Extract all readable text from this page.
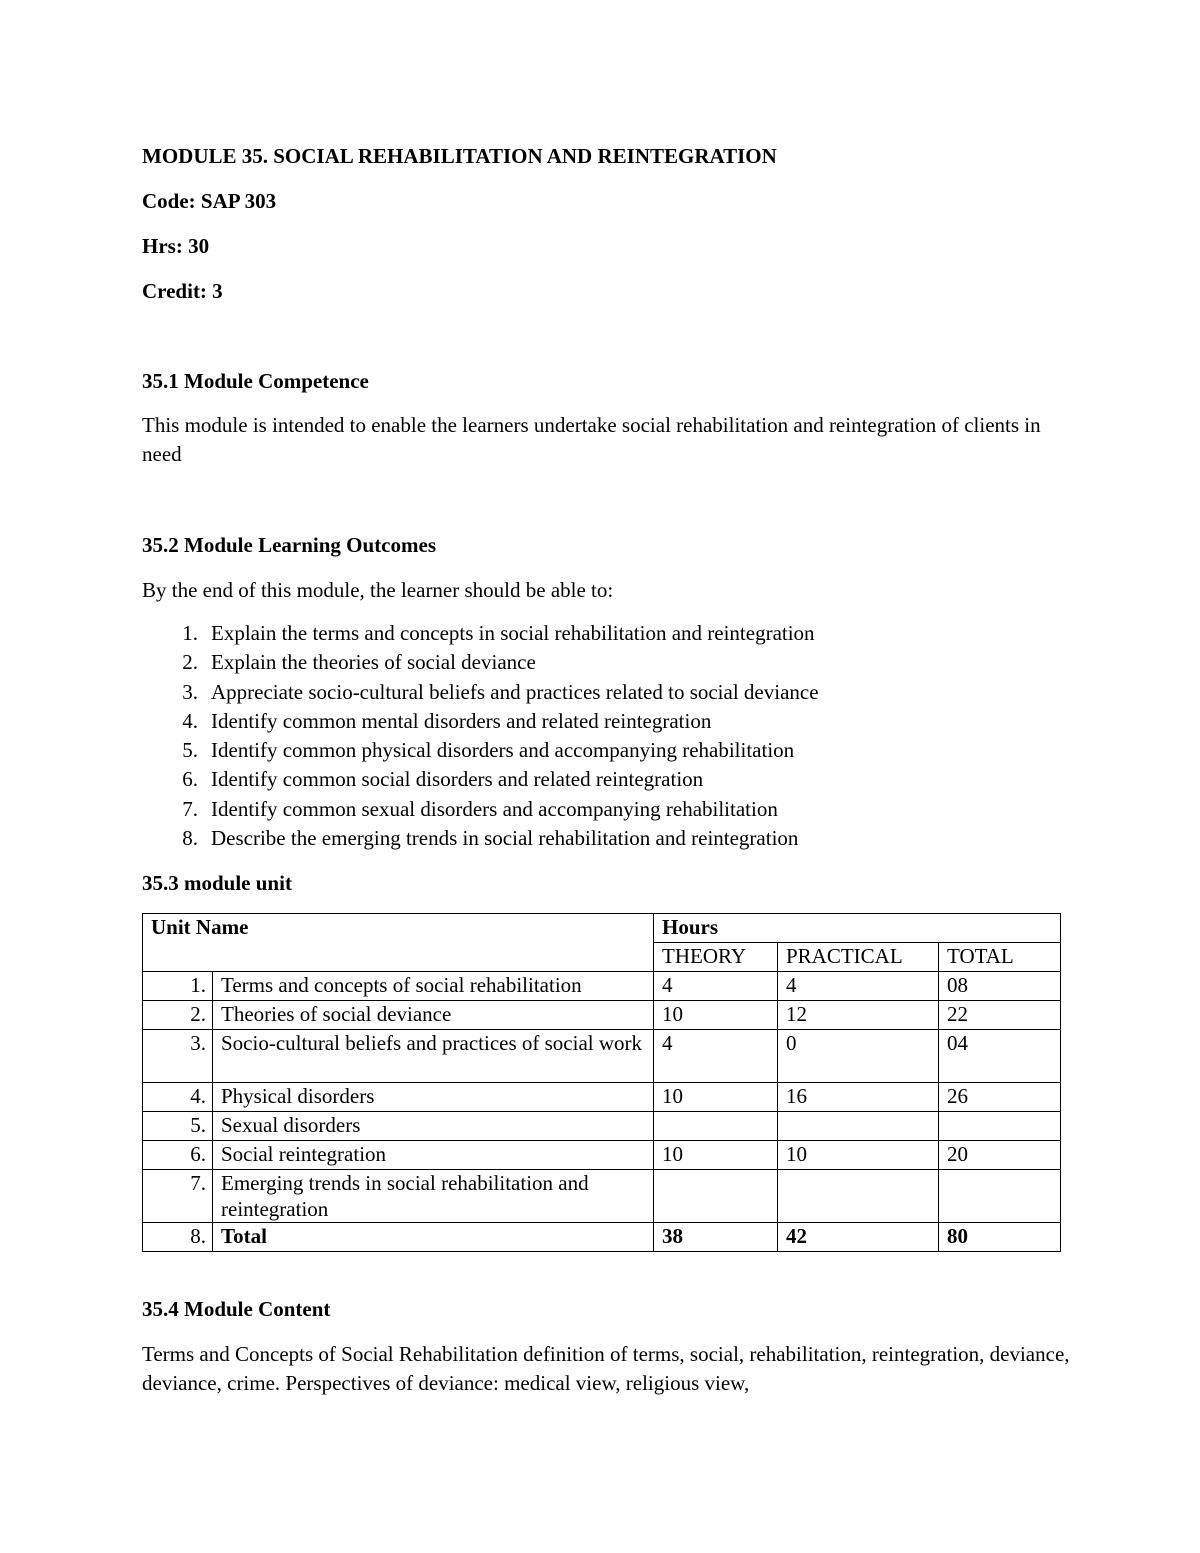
MODULE 35. SOCIAL REHABILITATION AND REINTEGRATION

Code: SAP 303

Hrs: 30

Credit: 3

35.1 Module Competence

This module is intended to enable the learners undertake social rehabilitation and reintegration of clients in need

35.2 Module Learning Outcomes

By the end of this module, the learner should be able to:

1. Explain the terms and concepts in social rehabilitation and reintegration
2. Explain the theories of social deviance
3. Appreciate socio-cultural beliefs and practices related to social deviance
4. Identify common mental disorders and related reintegration
5. Identify common physical disorders and accompanying rehabilitation
6. Identify common social disorders and related reintegration
7. Identify common sexual disorders and accompanying rehabilitation
8. Describe the emerging trends in social rehabilitation and reintegration

35.3 module unit

Unit Name		Hours		
		THEORY	PRACTICAL	TOTAL
1.	Terms and concepts of social rehabilitation	4	4	08
2.	Theories of social deviance	10	12	22
3.	Socio-cultural beliefs and practices of social work	4	0	04
4.	Physical disorders	10	16	26
5.	Sexual disorders			
6.	Social reintegration	10	10	20
7.	Emerging trends in social rehabilitation and reintegration			
8.	Total	38	42	80

35.4 Module Content

Terms and Concepts of Social Rehabilitation definition of terms, social, rehabilitation, reintegration, deviance, deviance, crime. Perspectives of deviance: medical view, religious view,
